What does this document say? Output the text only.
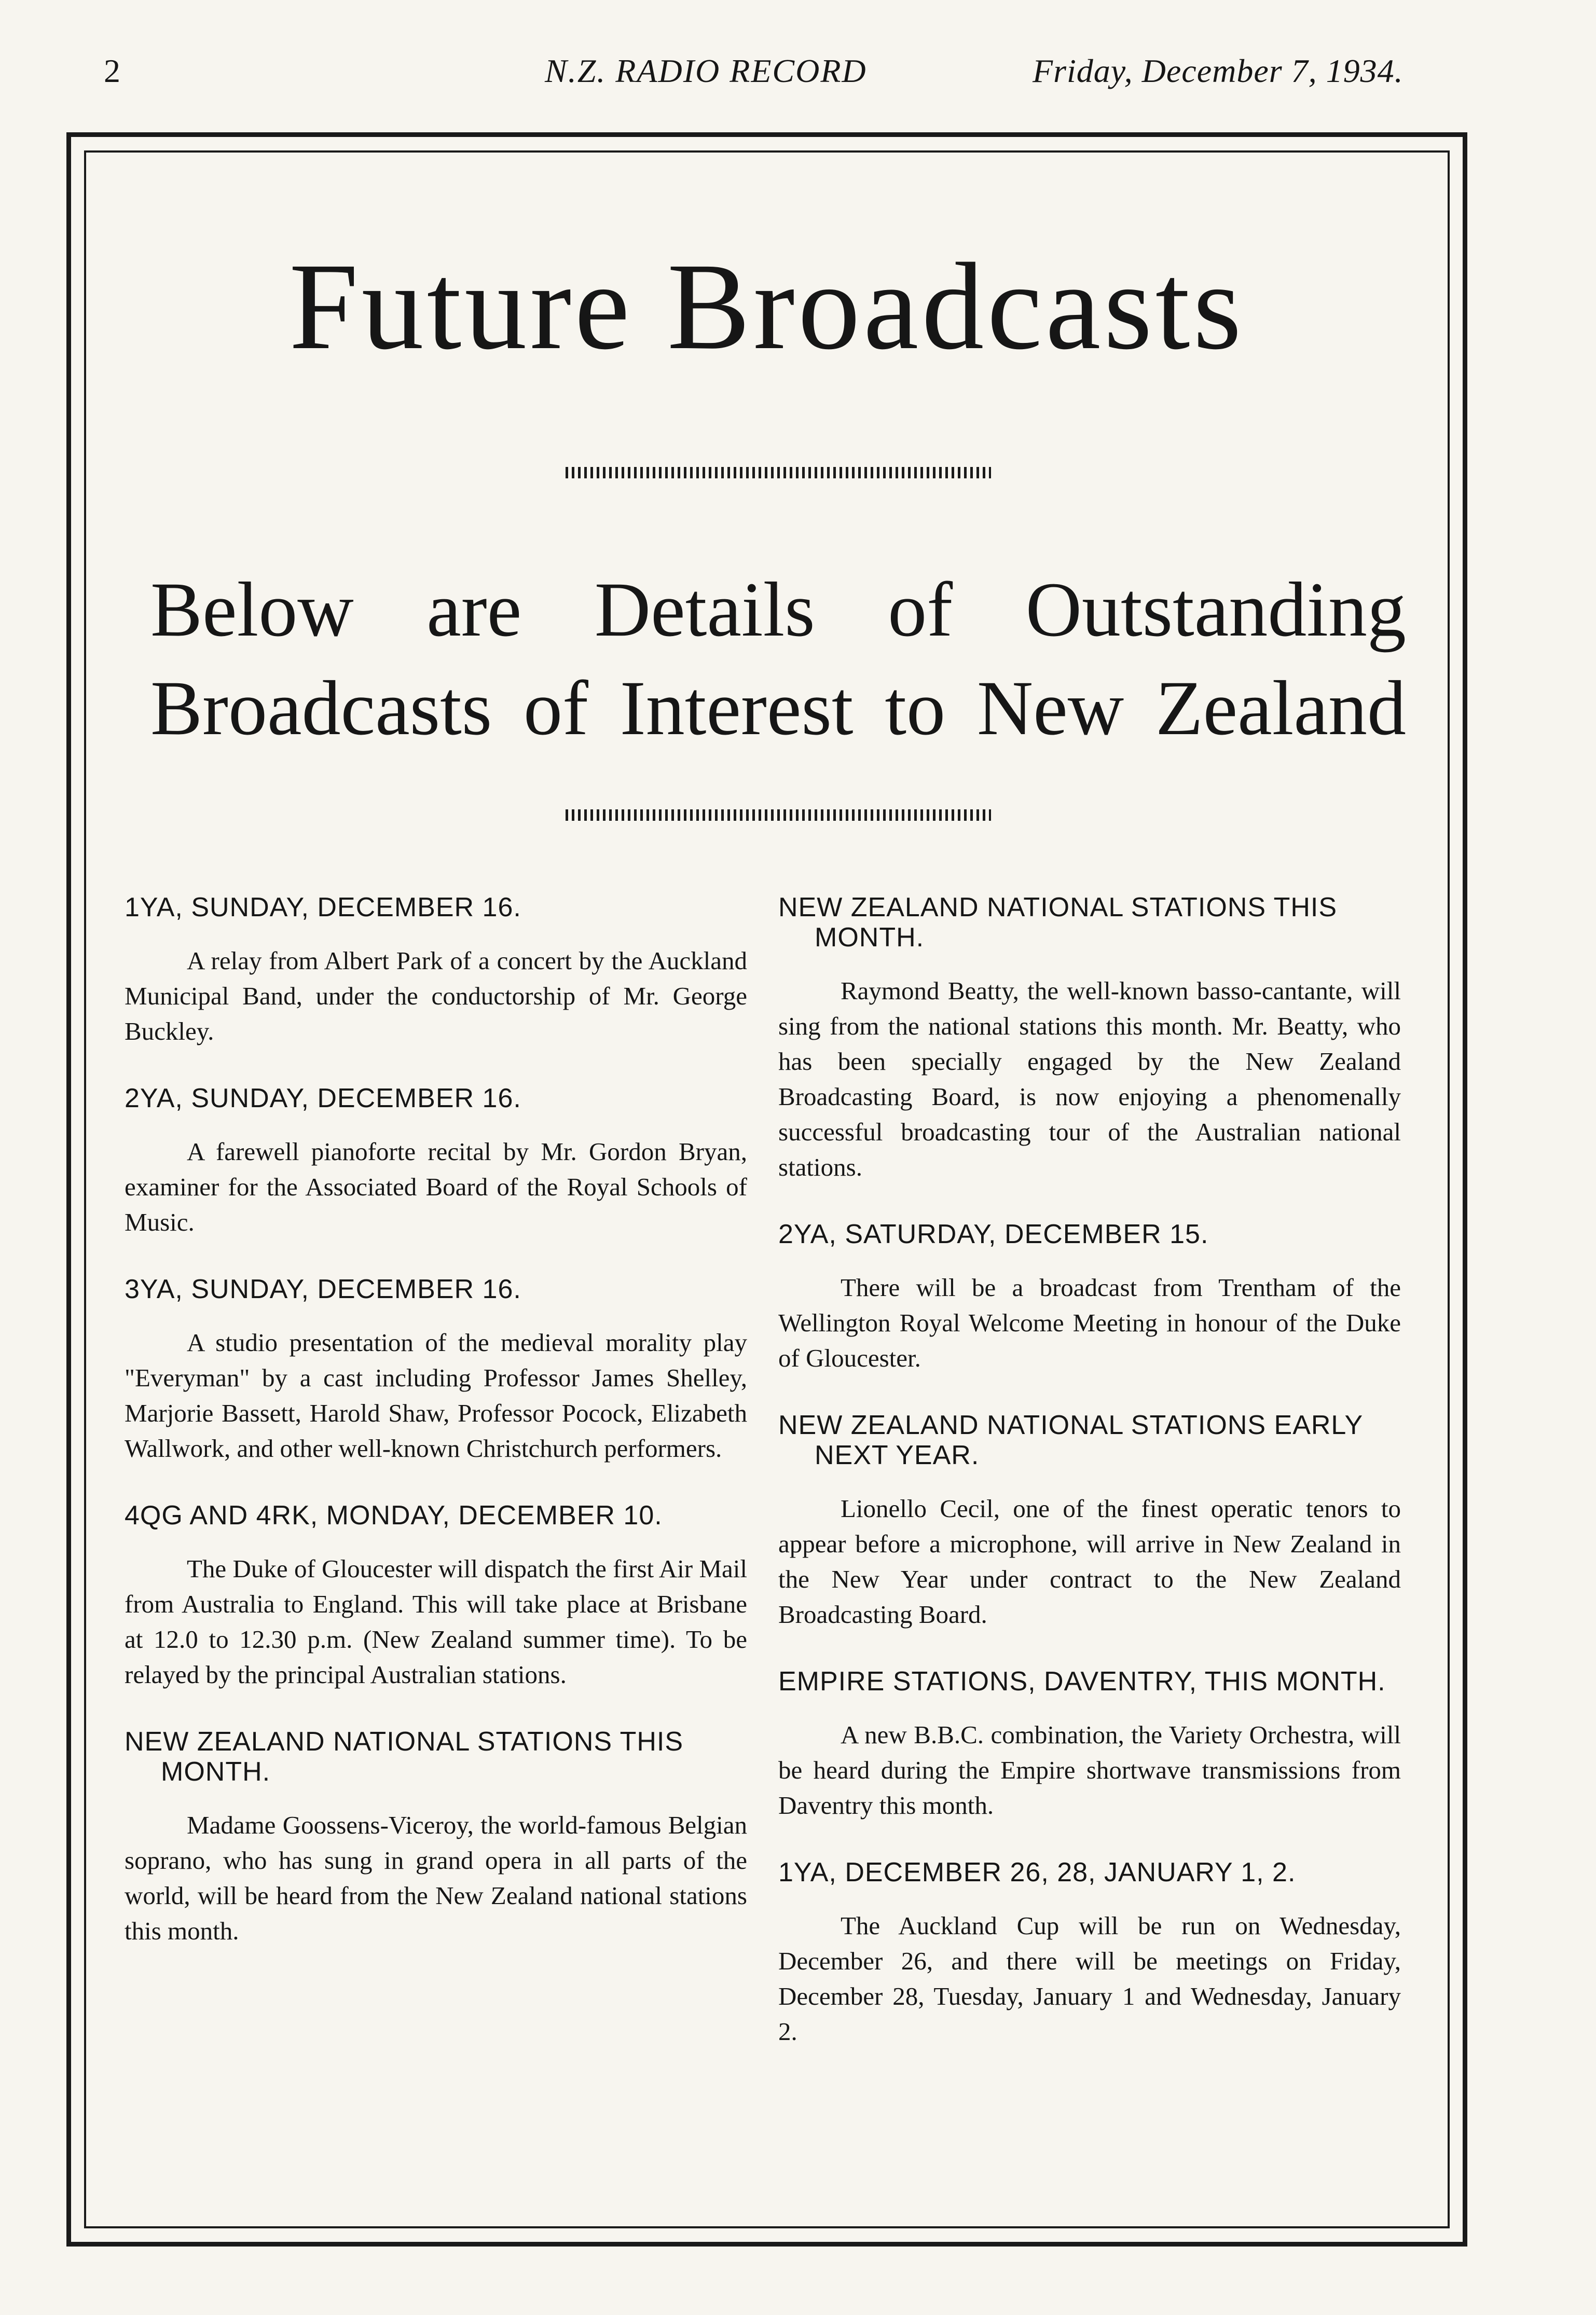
2	N.Z. RADIO RECORD	Friday, December 7, 1934.
Future Broadcasts
Below are Details of Outstanding
Broadcasts of Interest to New Zealand

1YA, SUNDAY, DECEMBER 16.

A relay from Albert Park of a concert by the Auckland Municipal Band, under the conductorship of Mr. George Buckley.

2YA, SUNDAY, DECEMBER 16.

A farewell pianoforte recital by Mr. Gordon Bryan, examiner for the Associated Board of the Royal Schools of Music.

3YA, SUNDAY, DECEMBER 16.

A studio presentation of the medieval morality play "Everyman" by a cast including Professor James Shelley, Marjorie Bassett, Harold Shaw, Professor Pocock, Elizabeth Wallwork, and other well-known Christchurch performers.

4QG AND 4RK, MONDAY, DECEMBER 10.

The Duke of Gloucester will dispatch the first Air Mail from Australia to England. This will take place at Brisbane at 12.0 to 12.30 p.m. (New Zealand summer time). To be relayed by the principal Australian stations.

NEW ZEALAND NATIONAL STATIONS THIS MONTH.

Madame Goossens-Viceroy, the world-famous Belgian soprano, who has sung in grand opera in all parts of the world, will be heard from the New Zealand national stations this month.

NEW ZEALAND NATIONAL STATIONS THIS MONTH.

Raymond Beatty, the well-known basso-cantante, will sing from the national stations this month. Mr. Beatty, who has been specially engaged by the New Zealand Broadcasting Board, is now enjoying a phenomenally successful broadcasting tour of the Australian national stations.

2YA, SATURDAY, DECEMBER 15.

There will be a broadcast from Trentham of the Wellington Royal Welcome Meeting in honour of the Duke of Gloucester.

NEW ZEALAND NATIONAL STATIONS EARLY NEXT YEAR.

Lionello Cecil, one of the finest operatic tenors to appear before a microphone, will arrive in New Zealand in the New Year under contract to the New Zealand Broadcasting Board.

EMPIRE STATIONS, DAVENTRY, THIS MONTH.

A new B.B.C. combination, the Variety Orchestra, will be heard during the Empire shortwave transmissions from Daventry this month.

1YA, DECEMBER 26, 28, JANUARY 1, 2.

The Auckland Cup will be run on Wednesday, December 26, and there will be meetings on Friday, December 28, Tuesday, January 1 and Wednesday, January 2.
